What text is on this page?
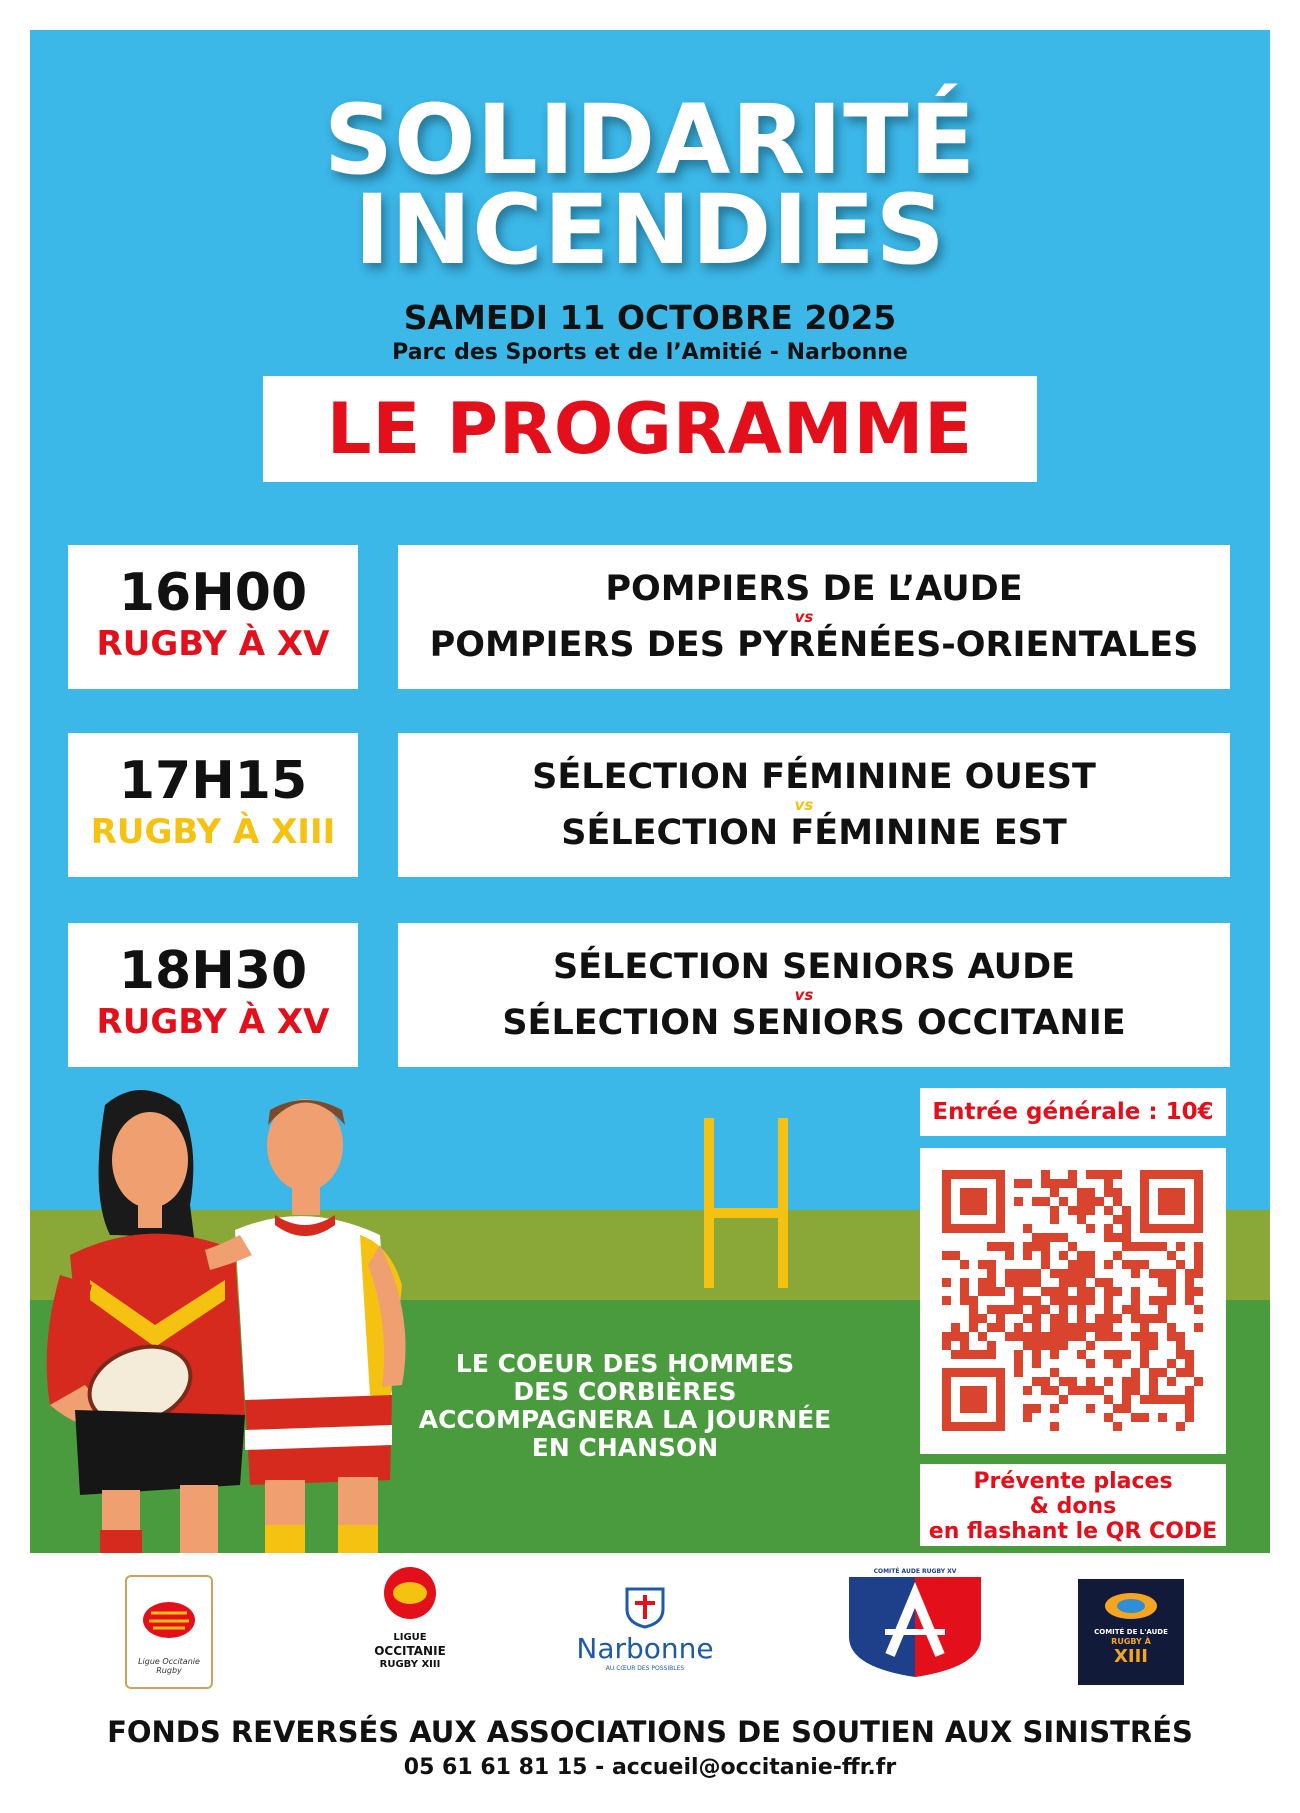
SOLIDARITÉ
INCENDIES
SAMEDI 11 OCTOBRE 2025
Parc des Sports et de l’Amitié - Narbonne
LE PROGRAMME
16H00
RUGBY À XV
POMPIERS DE L’AUDE
vs
POMPIERS DES PYRÉNÉES-ORIENTALES
17H15
RUGBY À XIII
SÉLECTION FÉMININE OUEST
vs
SÉLECTION FÉMININE EST
18H30
RUGBY À XV
SÉLECTION SENIORS AUDE
vs
SÉLECTION SENIORS OCCITANIE
LE COEUR DES HOMMES
DES CORBIÈRES
ACCOMPAGNERA LA JOURNÉE
EN CHANSON
Entrée générale : 10€
Prévente places
& dons
en flashant le QR CODE
Ligue Occitanie Rugby
LIGUE
OCCITANIE
RUGBY XIII	Narbonne
AU CŒUR DES POSSIBLES
COMITÉ AUDE RUGBY XV
COMITÉ DE L'AUDE
RUGBY À
XIII
FONDS REVERSÉS AUX ASSOCIATIONS DE SOUTIEN AUX SINISTRÉS
05 61 61 81 15 - accueil@occitanie-ffr.fr
